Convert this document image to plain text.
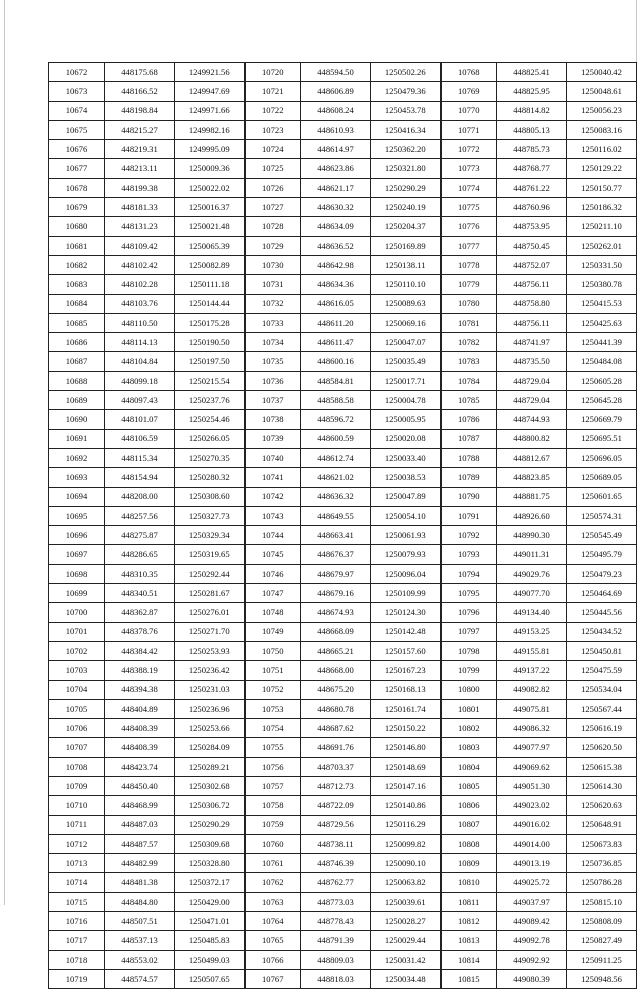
10672	448175.68	1249921.56	10720	448594.50	1250502.26	10768	448825.41	1250040.42
10673	448166.52	1249947.69	10721	448606.89	1250479.36	10769	448825.95	1250048.61
10674	448198.84	1249971.66	10722	448608.24	1250453.78	10770	448814.82	1250056.23
10675	448215.27	1249982.16	10723	448610.93	1250416.34	10771	448805.13	1250083.16
10676	448219.31	1249995.09	10724	448614.97	1250362.20	10772	448785.73	1250116.02
10677	448213.11	1250009.36	10725	448623.86	1250321.80	10773	448768.77	1250129.22
10678	448199.38	1250022.02	10726	448621.17	1250290.29	10774	448761.22	1250150.77
10679	448181.33	1250016.37	10727	448630.32	1250240.19	10775	448760.96	1250186.32
10680	448131.23	1250021.48	10728	448634.09	1250204.37	10776	448753.95	1250211.10
10681	448109.42	1250065.39	10729	448636.52	1250169.89	10777	448750.45	1250262.01
10682	448102.42	1250082.89	10730	448642.98	1250138.11	10778	448752.07	1250331.50
10683	448102.28	1250111.18	10731	448634.36	1250110.10	10779	448756.11	1250380.78
10684	448103.76	1250144.44	10732	448616.05	1250089.63	10780	448758.80	1250415.53
10685	448110.50	1250175.28	10733	448611.20	1250069.16	10781	448756.11	1250425.63
10686	448114.13	1250190.50	10734	448611.47	1250047.07	10782	448741.97	1250441.39
10687	448104.84	1250197.50	10735	448600.16	1250035.49	10783	448735.50	1250484.08
10688	448099.18	1250215.54	10736	448584.81	1250017.71	10784	448729.04	1250605.28
10689	448097.43	1250237.76	10737	448588.58	1250004.78	10785	448729.04	1250645.28
10690	448101.07	1250254.46	10738	448596.72	1250005.95	10786	448744.93	1250669.79
10691	448106.59	1250266.05	10739	448600.59	1250020.08	10787	448800.82	1250695.51
10692	448115.34	1250270.35	10740	448612.74	1250033.40	10788	448812.67	1250696.05
10693	448154.94	1250280.32	10741	448621.02	1250038.53	10789	448823.85	1250689.05
10694	448208.00	1250308.60	10742	448636.32	1250047.89	10790	448881.75	1250601.65
10695	448257.56	1250327.73	10743	448649.55	1250054.10	10791	448926.60	1250574.31
10696	448275.87	1250329.34	10744	448663.41	1250061.93	10792	448990.30	1250545.49
10697	448286.65	1250319.65	10745	448676.37	1250079.93	10793	449011.31	1250495.79
10698	448310.35	1250292.44	10746	448679.97	1250096.04	10794	449029.76	1250479.23
10699	448340.51	1250281.67	10747	448679.16	1250109.99	10795	449077.70	1250464.69
10700	448362.87	1250276.01	10748	448674.93	1250124.30	10796	449134.40	1250445.56
10701	448378.76	1250271.70	10749	448668.09	1250142.48	10797	449153.25	1250434.52
10702	448384.42	1250253.93	10750	448665.21	1250157.60	10798	449155.81	1250450.81
10703	448388.19	1250236.42	10751	448668.00	1250167.23	10799	449137.22	1250475.59
10704	448394.38	1250231.03	10752	448675.20	1250168.13	10800	449082.82	1250534.04
10705	448404.89	1250236.96	10753	448680.78	1250161.74	10801	449075.81	1250567.44
10706	448408.39	1250253.66	10754	448687.62	1250150.22	10802	449086.32	1250616.19
10707	448408.39	1250284.09	10755	448691.76	1250146.80	10803	449077.97	1250620.50
10708	448423.74	1250289.21	10756	448703.37	1250148.69	10804	449069.62	1250615.38
10709	448450.40	1250302.68	10757	448712.73	1250147.16	10805	449051.30	1250614.30
10710	448468.99	1250306.72	10758	448722.09	1250140.86	10806	449023.02	1250620.63
10711	448487.03	1250290.29	10759	448729.56	1250116.29	10807	449016.02	1250648.91
10712	448487.57	1250309.68	10760	448738.11	1250099.82	10808	449014.00	1250673.83
10713	448482.99	1250328.80	10761	448746.39	1250090.10	10809	449013.19	1250736.85
10714	448481.38	1250372.17	10762	448762.77	1250063.82	10810	449025.72	1250786.28
10715	448484.80	1250429.00	10763	448773.03	1250039.61	10811	449037.97	1250815.10
10716	448507.51	1250471.01	10764	448778.43	1250028.27	10812	449089.42	1250808.09
10717	448537.13	1250485.83	10765	448791.39	1250029.44	10813	449092.78	1250827.49
10718	448553.02	1250499.03	10766	448809.03	1250031.42	10814	449092.92	1250911.25
10719	448574.57	1250507.65	10767	448818.03	1250034.48	10815	449080.39	1250948.56
